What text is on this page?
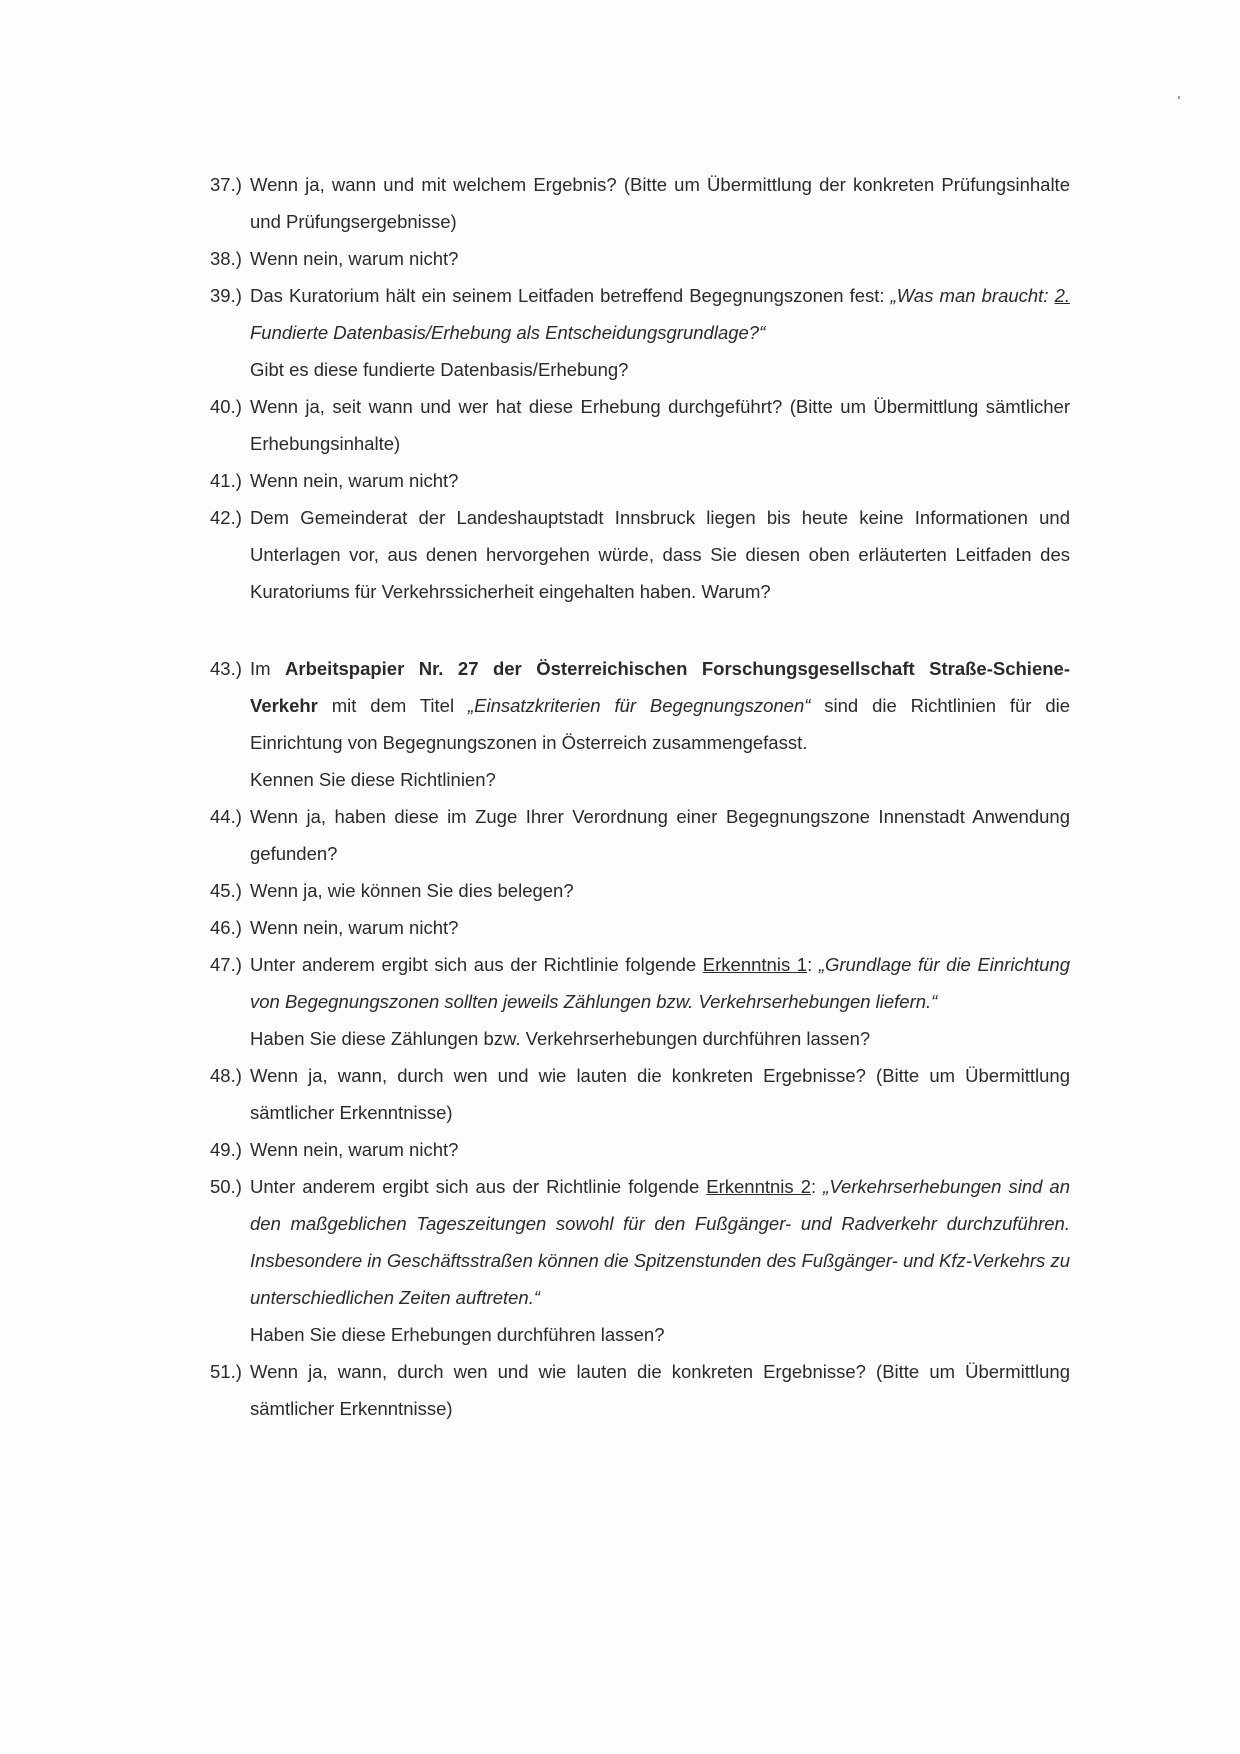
37.) Wenn ja, wann und mit welchem Ergebnis? (Bitte um Übermittlung der konkreten Prüfungsinhalte und Prüfungsergebnisse)

38.) Wenn nein, warum nicht?

39.) Das Kuratorium hält ein seinem Leitfaden betreffend Begegnungszonen fest: „Was man braucht: 2. Fundierte Datenbasis/Erhebung als Entscheidungsgrundlage?“

Gibt es diese fundierte Datenbasis/Erhebung?

40.) Wenn ja, seit wann und wer hat diese Erhebung durchgeführt? (Bitte um Übermittlung sämtlicher Erhebungsinhalte)

41.) Wenn nein, warum nicht?

42.) Dem Gemeinderat der Landeshauptstadt Innsbruck liegen bis heute keine Informationen und Unterlagen vor, aus denen hervorgehen würde, dass Sie diesen oben erläuterten Leitfaden des Kuratoriums für Verkehrssicherheit eingehalten haben. Warum?

43.) Im Arbeitspapier Nr. 27 der Österreichischen Forschungsgesellschaft Straße-Schiene-Verkehr mit dem Titel „Einsatzkriterien für Begegnungszonen“ sind die Richtlinien für die Einrichtung von Begegnungszonen in Österreich zusammengefasst.

Kennen Sie diese Richtlinien?

44.) Wenn ja, haben diese im Zuge Ihrer Verordnung einer Begegnungszone Innenstadt Anwendung gefunden?

45.) Wenn ja, wie können Sie dies belegen?

46.) Wenn nein, warum nicht?

47.) Unter anderem ergibt sich aus der Richtlinie folgende Erkenntnis 1: „Grundlage für die Einrichtung von Begegnungszonen sollten jeweils Zählungen bzw. Verkehrserhebungen liefern.“

Haben Sie diese Zählungen bzw. Verkehrserhebungen durchführen lassen?

48.) Wenn ja, wann, durch wen und wie lauten die konkreten Ergebnisse? (Bitte um Übermittlung sämtlicher Erkenntnisse)

49.) Wenn nein, warum nicht?

50.) Unter anderem ergibt sich aus der Richtlinie folgende Erkenntnis 2: „Verkehrserhebungen sind an den maßgeblichen Tageszeitungen sowohl für den Fußgänger- und Radverkehr durchzuführen. Insbesondere in Geschäftsstraßen können die Spitzenstunden des Fußgänger- und Kfz-Verkehrs zu unterschiedlichen Zeiten auftreten.“

Haben Sie diese Erhebungen durchführen lassen?

51.) Wenn ja, wann, durch wen und wie lauten die konkreten Ergebnisse? (Bitte um Übermittlung sämtlicher Erkenntnisse)
